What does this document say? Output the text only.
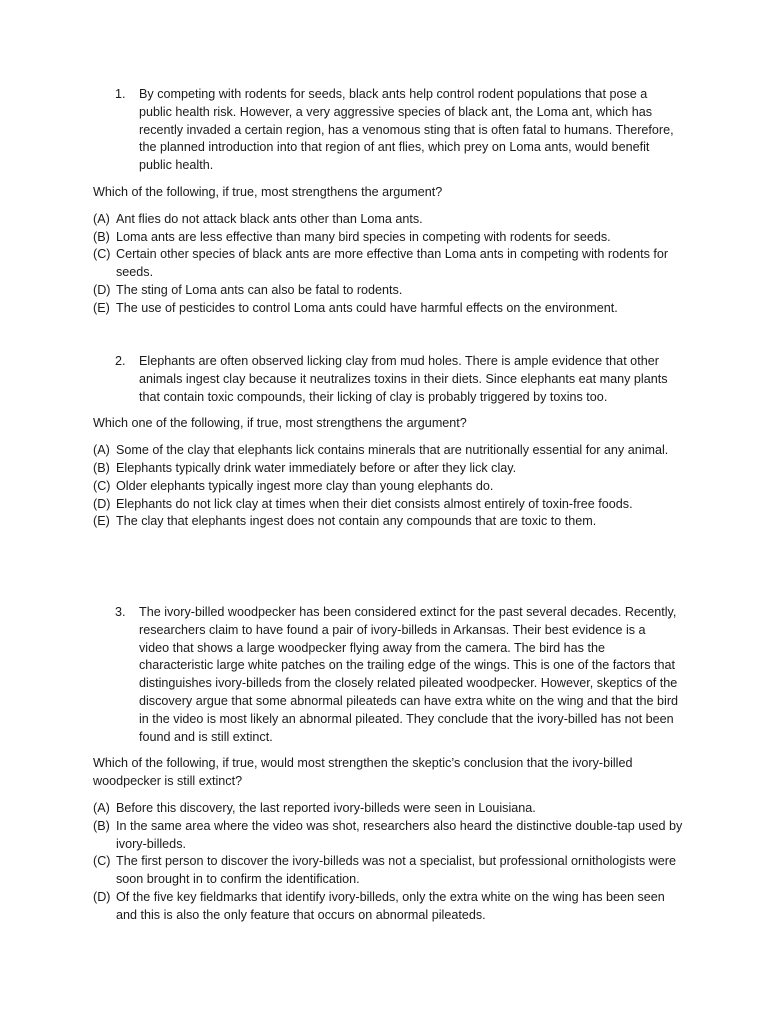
1. By competing with rodents for seeds, black ants help control rodent populations that pose a public health risk. However, a very aggressive species of black ant, the Loma ant, which has recently invaded a certain region, has a venomous sting that is often fatal to humans. Therefore, the planned introduction into that region of ant flies, which prey on Loma ants, would benefit public health.
Which of the following, if true, most strengthens the argument?
(A) Ant flies do not attack black ants other than Loma ants.
(B) Loma ants are less effective than many bird species in competing with rodents for seeds.
(C) Certain other species of black ants are more effective than Loma ants in competing with rodents for seeds.
(D) The sting of Loma ants can also be fatal to rodents.
(E) The use of pesticides to control Loma ants could have harmful effects on the environment.
2. Elephants are often observed licking clay from mud holes. There is ample evidence that other animals ingest clay because it neutralizes toxins in their diets. Since elephants eat many plants that contain toxic compounds, their licking of clay is probably triggered by toxins too.
Which one of the following, if true, most strengthens the argument?
(A) Some of the clay that elephants lick contains minerals that are nutritionally essential for any animal.
(B) Elephants typically drink water immediately before or after they lick clay.
(C) Older elephants typically ingest more clay than young elephants do.
(D) Elephants do not lick clay at times when their diet consists almost entirely of toxin-free foods.
(E) The clay that elephants ingest does not contain any compounds that are toxic to them.
3. The ivory-billed woodpecker has been considered extinct for the past several decades. Recently, researchers claim to have found a pair of ivory-billeds in Arkansas. Their best evidence is a video that shows a large woodpecker flying away from the camera. The bird has the characteristic large white patches on the trailing edge of the wings. This is one of the factors that distinguishes ivory-billeds from the closely related pileated woodpecker. However, skeptics of the discovery argue that some abnormal pileateds can have extra white on the wing and that the bird in the video is most likely an abnormal pileated. They conclude that the ivory-billed has not been found and is still extinct.
Which of the following, if true, would most strengthen the skeptic’s conclusion that the ivory-billed woodpecker is still extinct?
(A) Before this discovery, the last reported ivory-billeds were seen in Louisiana.
(B) In the same area where the video was shot, researchers also heard the distinctive double-tap used by ivory-billeds.
(C) The first person to discover the ivory-billeds was not a specialist, but professional ornithologists were soon brought in to confirm the identification.
(D) Of the five key fieldmarks that identify ivory-billeds, only the extra white on the wing has been seen and this is also the only feature that occurs on abnormal pileateds.
